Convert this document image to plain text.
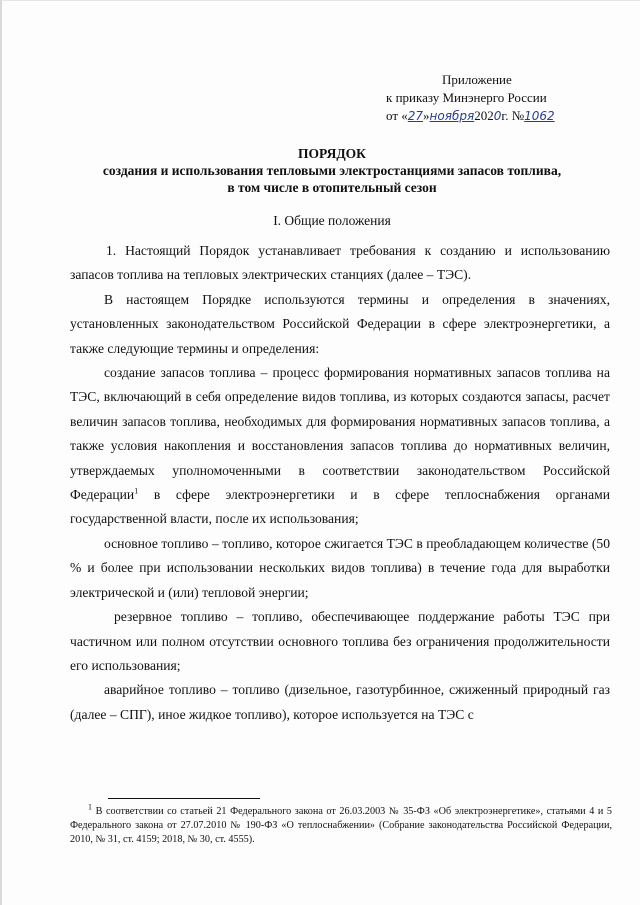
Приложение
к приказу Минэнерго России
от «27»ноября2020г. №1062
ПОРЯДОК
создания и использования тепловыми электростанциями запасов топлива,
в том числе в отопительный сезон
I. Общие положения

1. Настоящий Порядок устанавливает требования к созданию и использованию запасов топлива на тепловых электрических станциях (далее – ТЭС).

В настоящем Порядке используются термины и определения в значениях, установленных законодательством Российской Федерации в сфере электроэнергетики, а также следующие термины и определения:

создание запасов топлива – процесс формирования нормативных запасов топлива на ТЭС, включающий в себя определение видов топлива, из которых создаются запасы, расчет величин запасов топлива, необходимых для формирования нормативных запасов топлива, а также условия накопления и восстановления запасов топлива до нормативных величин, утверждаемых уполномоченными в соответствии законодательством Российской Федерации$^1$ в сфере электроэнергетики и в сфере теплоснабжения органами государственной власти, после их использования;

основное топливо – топливо, которое сжигается ТЭС в преобладающем количестве (50 % и более при использовании нескольких видов топлива) в течение года для выработки электрической и (или) тепловой энергии;

резервное топливо – топливо, обеспечивающее поддержание работы ТЭС при частичном или полном отсутствии основного топлива без ограничения продолжительности его использования;

аварийное топливо – топливо (дизельное, газотурбинное, сжиженный природный газ (далее – СПГ), иное жидкое топливо), которое используется на ТЭС с

$^1$ В соответствии со статьей 21 Федерального закона от 26.03.2003 № 35-ФЗ «Об электроэнергетике», статьями 4 и 5 Федерального закона от 27.07.2010 № 190-ФЗ «О теплоснабжении» (Собрание законодательства Российской Федерации, 2010, № 31, ст. 4159; 2018, № 30, ст. 4555).
